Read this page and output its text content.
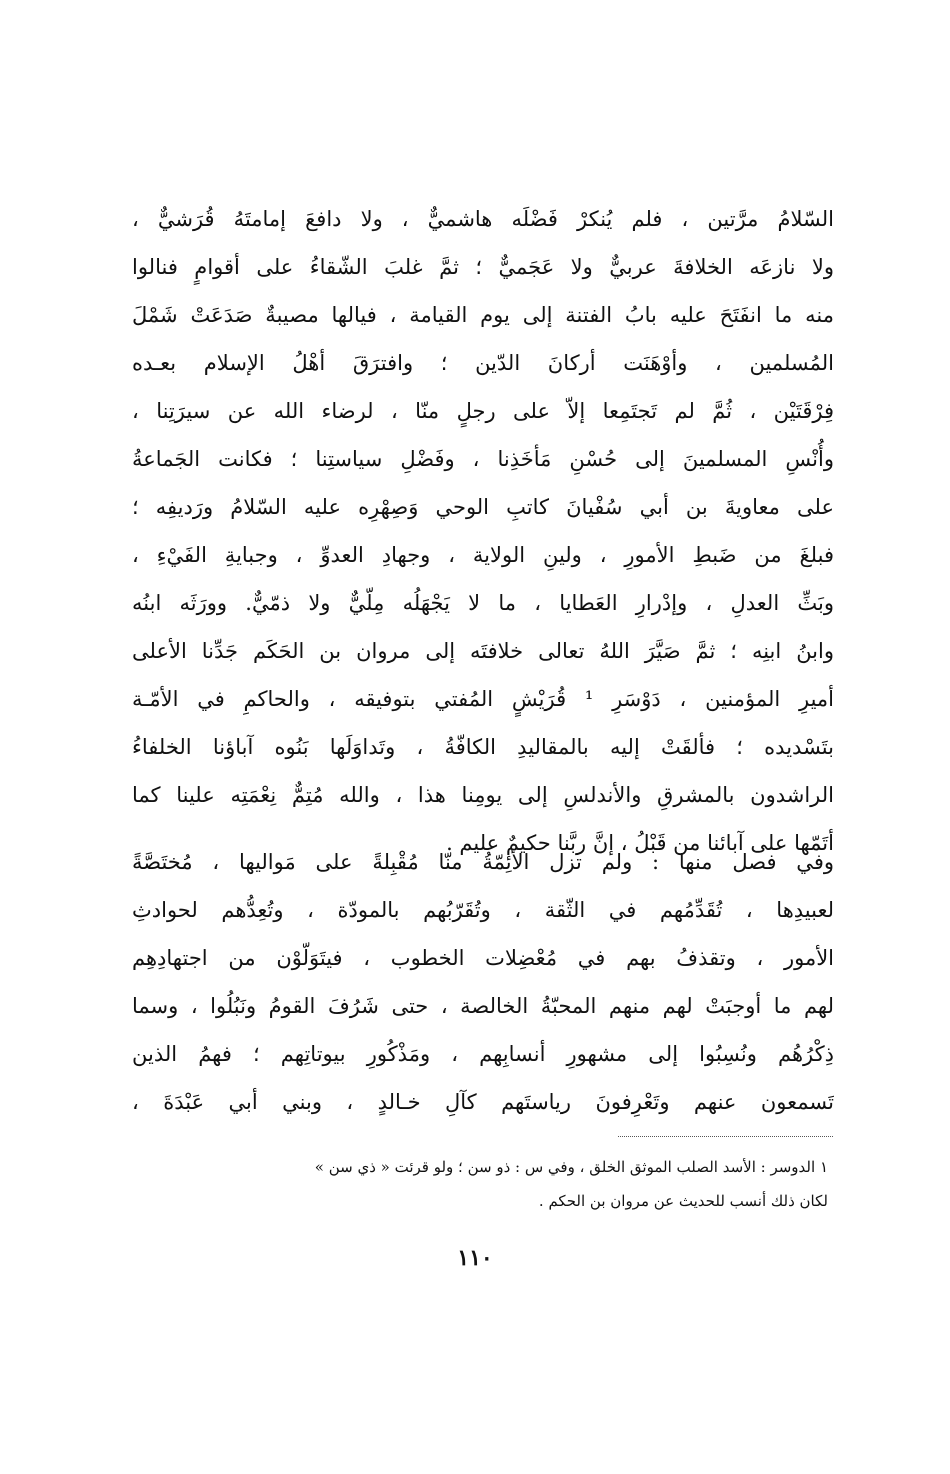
السّلامُ مرَّتين ، فلم يُنكرْ فَضْلَه هاشميٌّ ، ولا دافعَ إمامتَهُ قُرَشيٌّ ،
ولا نازعَه الخلافةَ عربيٌّ ولا عَجَميٌّ ؛ ثمَّ غلبَ الشّقاءُ على أقوامٍ فنالوا
منه ما انفَتَحَ عليه بابُ الفتنة إلى يوم القيامة ، فيالها مصيبةٌ صَدَعَتْ شَمْلَ
المُسلمين ، وأوْهَنَت أركانَ الدّين ؛ وافترَقَ أهْلُ الإسلام بعـده
فِرْقَتَيْن ، ثُمَّ لم تَجتَمِعا إلاّ على رجلٍ منّا ، لرضاء الله عن سيرَتِنا ،
وأُنْسِ المسلمينَ إلى حُسْنِ مَأخَذِنا ، وفَضْلِ سياستِنا ؛ فكانت الجَماعةُ
على معاويةَ بن أبي سُفْيانَ كاتبِ الوحي وَصِهْرِه عليه السّلامُ ورَديفِه ؛
فبلغَ من ضَبطِ الأمورِ ، ولينِ الولاية ، وجهادِ العدوِّ ، وجبايةِ الفَيْءِ ،
وبَثِّ العدلِ ، وإدْرارِ العَطايا ، ما لا يَجْهَلُه مِلّيٌّ ولا ذمّيٌّ. وورَثَه ابنُه
وابنُ ابنِه ؛ ثمَّ صَيَّرَ اللهُ تعالى خلافتَه إلى مروان بن الحَكَم جَدِّنا الأعلى
أميرِ المؤمنين ، دَوْسَرِ ¹ قُرَيْشٍ المُفتي بتوفيقه ، والحاكمِ في الأمّـة
بتَسْديده ؛ فألقَتْ إليه بالمقاليدِ الكافّةُ ، وتَداوَلَها بَنُوه آباؤنا الخلفاءُ
الراشدون بالمشرقِ والأندلسِ إلى يومِنا هذا ، والله مُتِمٌّ نِعْمَتِه علينا كما
أتَمّها على آبائنا من قَبْلُ ، إنَّ ربَّنا حكيمٌ عليم .
وفي فصل منها : ولم تزل الأئِمّةُ منّا مُقْبِلةً على مَواليها ، مُختَصَّةً
لعبيدِها ، تُقَدِّمُهم في الثّقة ، وتُقَرّبُهم بالمودّة ، وتُعِدُّهم لحوادثِ
الأمور ، وتقذفُ بهم في مُعْضِلات الخطوب ، فيتَوَلّوْن من اجتهادِهِم
لهم ما أوجبَتْ لهم منهم المحبّةُ الخالصة ، حتى شَرُفَ القومُ ونَبُلُوا ، وسما
ذِكْرُهُم ونُسِبُوا إلى مشهورِ أنسابِهم ، ومَذْكُورِ بيوتاتِهم ؛ فهمُ الذين
تَسمعون عنهم وتَعْرِفونَ رياستَهم كآلِ خـالدٍ ، وبني أبي عَبْدَةَ ،
١ الدوسر : الأسد الصلب الموثق الخلق ، وفي س : ذو سن ؛ ولو قرئت « ذي سن »
لكان ذلك أنسب للحديث عن مروان بن الحكم .
١١٠
